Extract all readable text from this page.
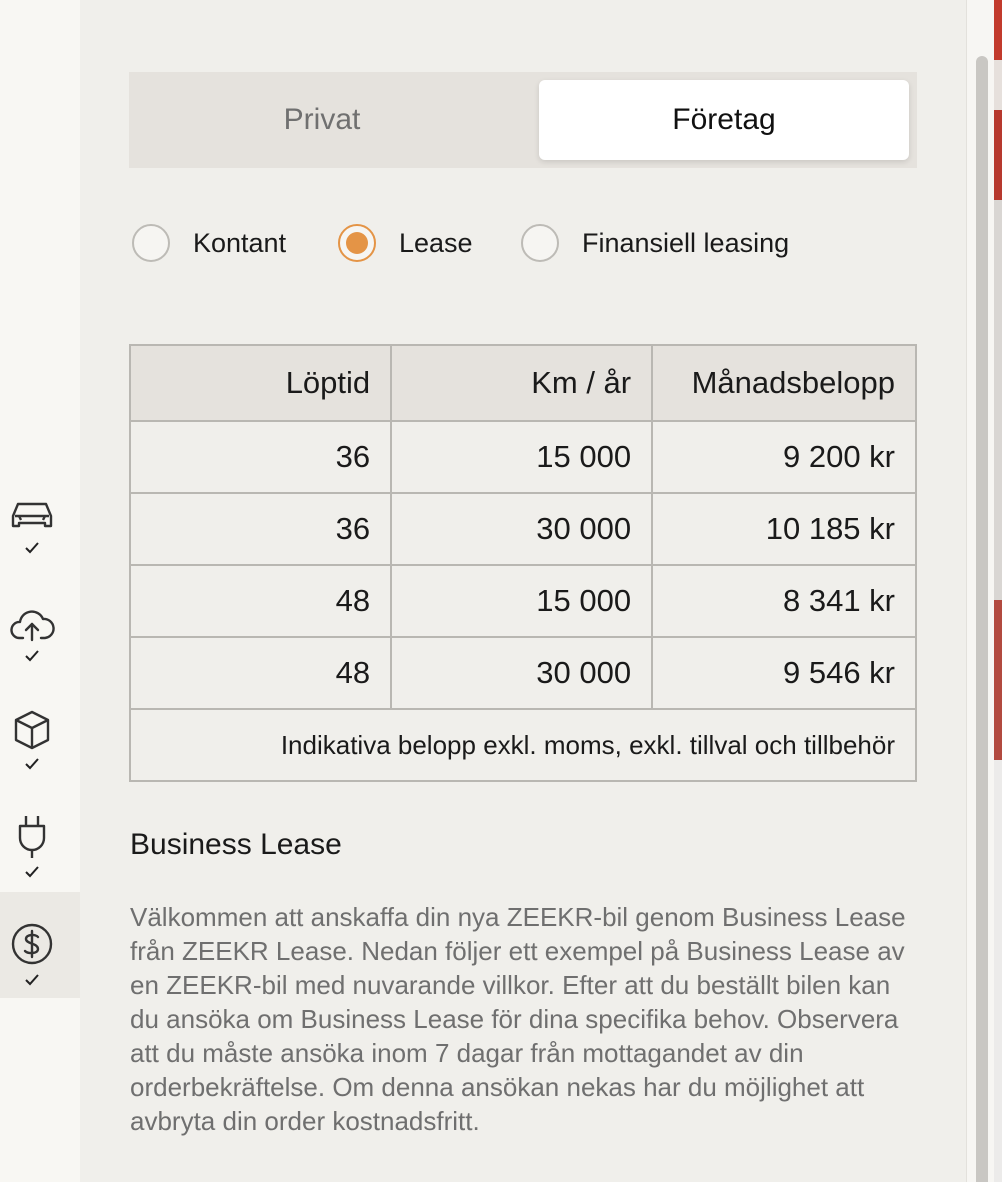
Privat	Företag
Kontant	Lease	Finansiell leasing
Löptid	Km / år	Månadsbelopp
36	15 000	9 200 kr
36	30 000	10 185 kr
48	15 000	8 341 kr
48	30 000	9 546 kr
Indikativa belopp exkl. moms, exkl. tillval och tillbehör		
Business Lease
Välkommen att anskaffa din nya ZEEKR-bil genom Business Lease från ZEEKR Lease. Nedan följer ett exempel på Business Lease av en ZEEKR-bil med nuvarande villkor. Efter att du beställt bilen kan du ansöka om Business Lease för dina specifika behov. Observera att du måste ansöka inom 7 dagar från mottagandet av din orderbekräftelse. Om denna ansökan nekas har du möjlighet att avbryta din order kostnadsfritt.
